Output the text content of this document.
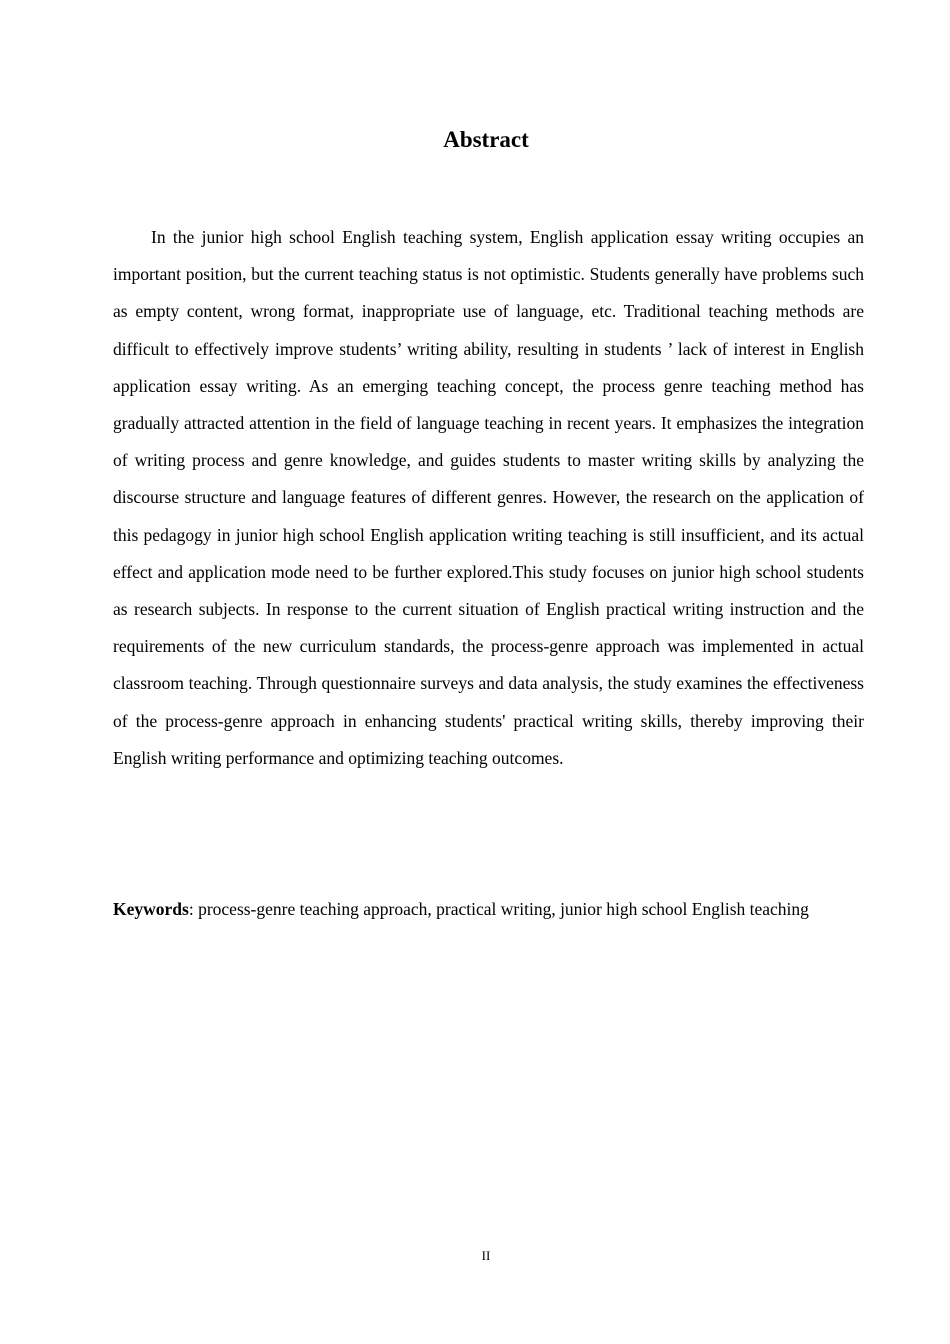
Abstract

In the junior high school English teaching system, English application essay writing occupies an important position, but the current teaching status is not optimistic. Students generally have problems such as empty content, wrong format, inappropriate use of language, etc. Traditional teaching methods are difficult to effectively improve students’ writing ability, resulting in students ’ lack of interest in English application essay writing. As an emerging teaching concept, the process genre teaching method has gradually attracted attention in the field of language teaching in recent years. It emphasizes the integration of writing process and genre knowledge, and guides students to master writing skills by analyzing the discourse structure and language features of different genres. However, the research on the application of this pedagogy in junior high school English application writing teaching is still insufficient, and its actual effect and application mode need to be further explored.This study focuses on junior high school students as research subjects. In response to the current situation of English practical writing instruction and the requirements of the new curriculum standards, the process-genre approach was implemented in actual classroom teaching. Through questionnaire surveys and data analysis, the study examines the effectiveness of the process-genre approach in enhancing students' practical writing skills, thereby improving their English writing performance and optimizing teaching outcomes.

Keywords: process-genre teaching approach, practical writing, junior high school English teaching

II
